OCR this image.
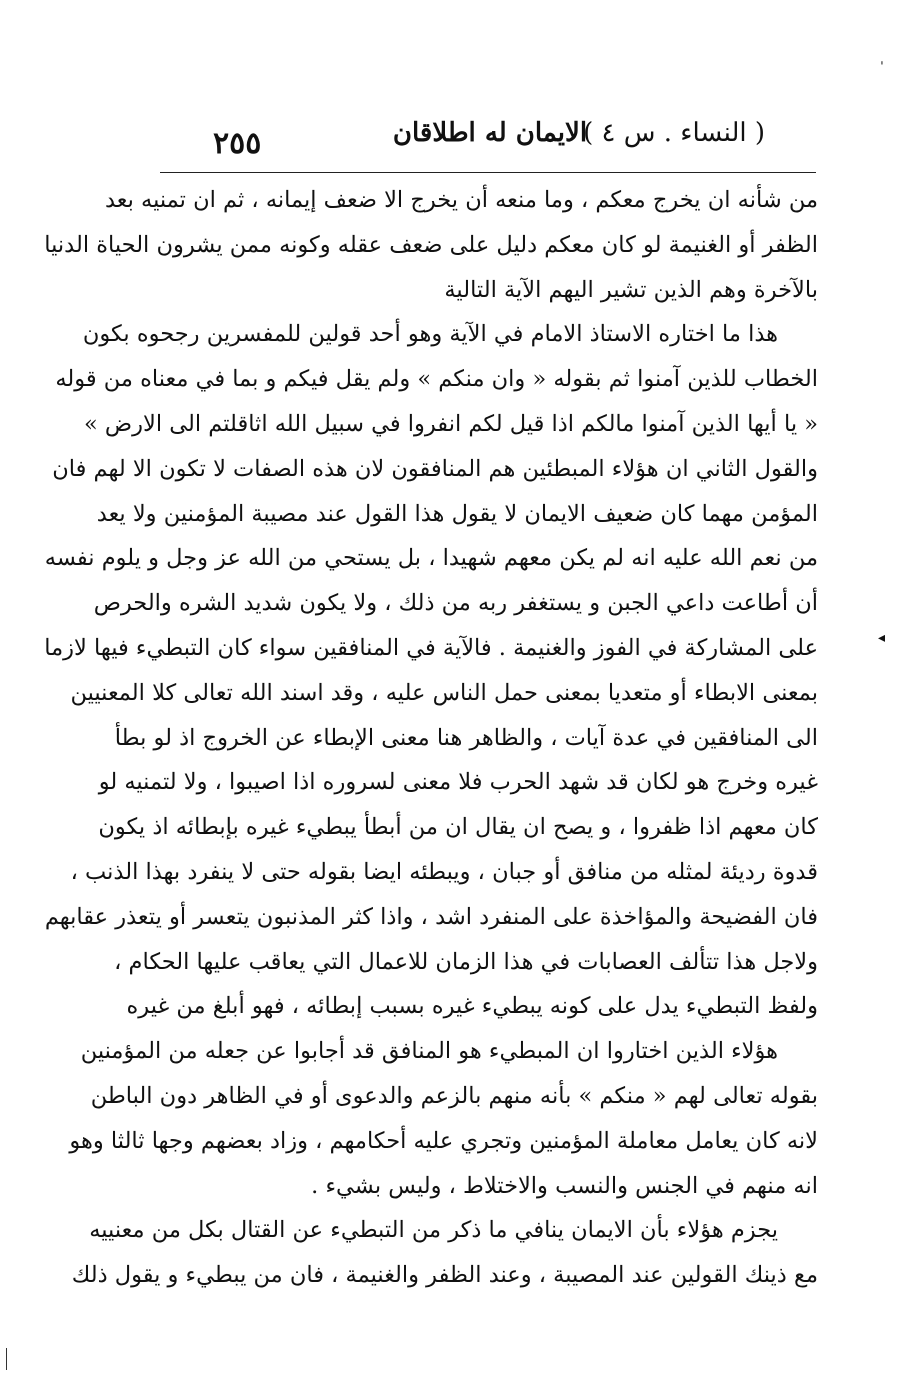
٢٥٥	الايمان له اطلاقان
( النساء . س ٤ )
من شأنه ان يخرج معكم ، وما منعه أن يخرج الا ضعف إيمانه ، ثم ان تمنيه بعد
الظفر أو الغنيمة لو كان معكم دليل على ضعف عقله وكونه ممن يشرون الحياة الدنيا
بالآخرة وهم الذين تشير اليهم الآية التالية
هذا ما اختاره الاستاذ الامام في الآية وهو أحد قولين للمفسرين رجحوه بكون
الخطاب للذين آمنوا ثم بقوله « وان منكم » ولم يقل فيكم و بما في معناه من قوله
« يا أيها الذين آمنوا مالكم اذا قيل لكم انفروا في سبيل الله اثاقلتم الى الارض »
والقول الثاني ان هؤلاء المبطئين هم المنافقون لان هذه الصفات لا تكون الا لهم فان
المؤمن مهما كان ضعيف الايمان لا يقول هذا القول عند مصيبة المؤمنين ولا يعد
من نعم الله عليه انه لم يكن معهم شهيدا ، بل يستحي من الله عز وجل و يلوم نفسه
أن أطاعت داعي الجبن و يستغفر ربه من ذلك ، ولا يكون شديد الشره والحرص
على المشاركة في الفوز والغنيمة . فالآية في المنافقين سواء كان التبطيء فيها لازما
بمعنى الابطاء أو متعديا بمعنى حمل الناس عليه ، وقد اسند الله تعالى كلا المعنيين
الى المنافقين في عدة آيات ، والظاهر هنا معنى الإبطاء عن الخروج اذ لو بطأ
غيره وخرج هو لكان قد شهد الحرب فلا معنى لسروره اذا اصيبوا ، ولا لتمنيه لو
كان معهم اذا ظفروا ، و يصح ان يقال ان من أبطأ يبطيء غيره بإبطائه اذ يكون
قدوة رديئة لمثله من منافق أو جبان ، ويبطئه ايضا بقوله حتى لا ينفرد بهذا الذنب ،
فان الفضيحة والمؤاخذة على المنفرد اشد ، واذا كثر المذنبون يتعسر أو يتعذر عقابهم
ولاجل هذا تتألف العصابات في هذا الزمان للاعمال التي يعاقب عليها الحكام ،
ولفظ التبطيء يدل على كونه يبطيء غيره بسبب إبطائه ، فهو أبلغ من غيره
هؤلاء الذين اختاروا ان المبطيء هو المنافق قد أجابوا عن جعله من المؤمنين
بقوله تعالى لهم « منكم » بأنه منهم بالزعم والدعوى أو في الظاهر دون الباطن
لانه كان يعامل معاملة المؤمنين وتجري عليه أحكامهم ، وزاد بعضهم وجها ثالثا وهو
انه منهم في الجنس والنسب والاختلاط ، وليس بشيء .
يجزم هؤلاء بأن الايمان ينافي ما ذكر من التبطيء عن القتال بكل من معنييه
مع ذينك القولين عند المصيبة ، وعند الظفر والغنيمة ، فان من يبطيء و يقول ذلك
ˈ
◂
